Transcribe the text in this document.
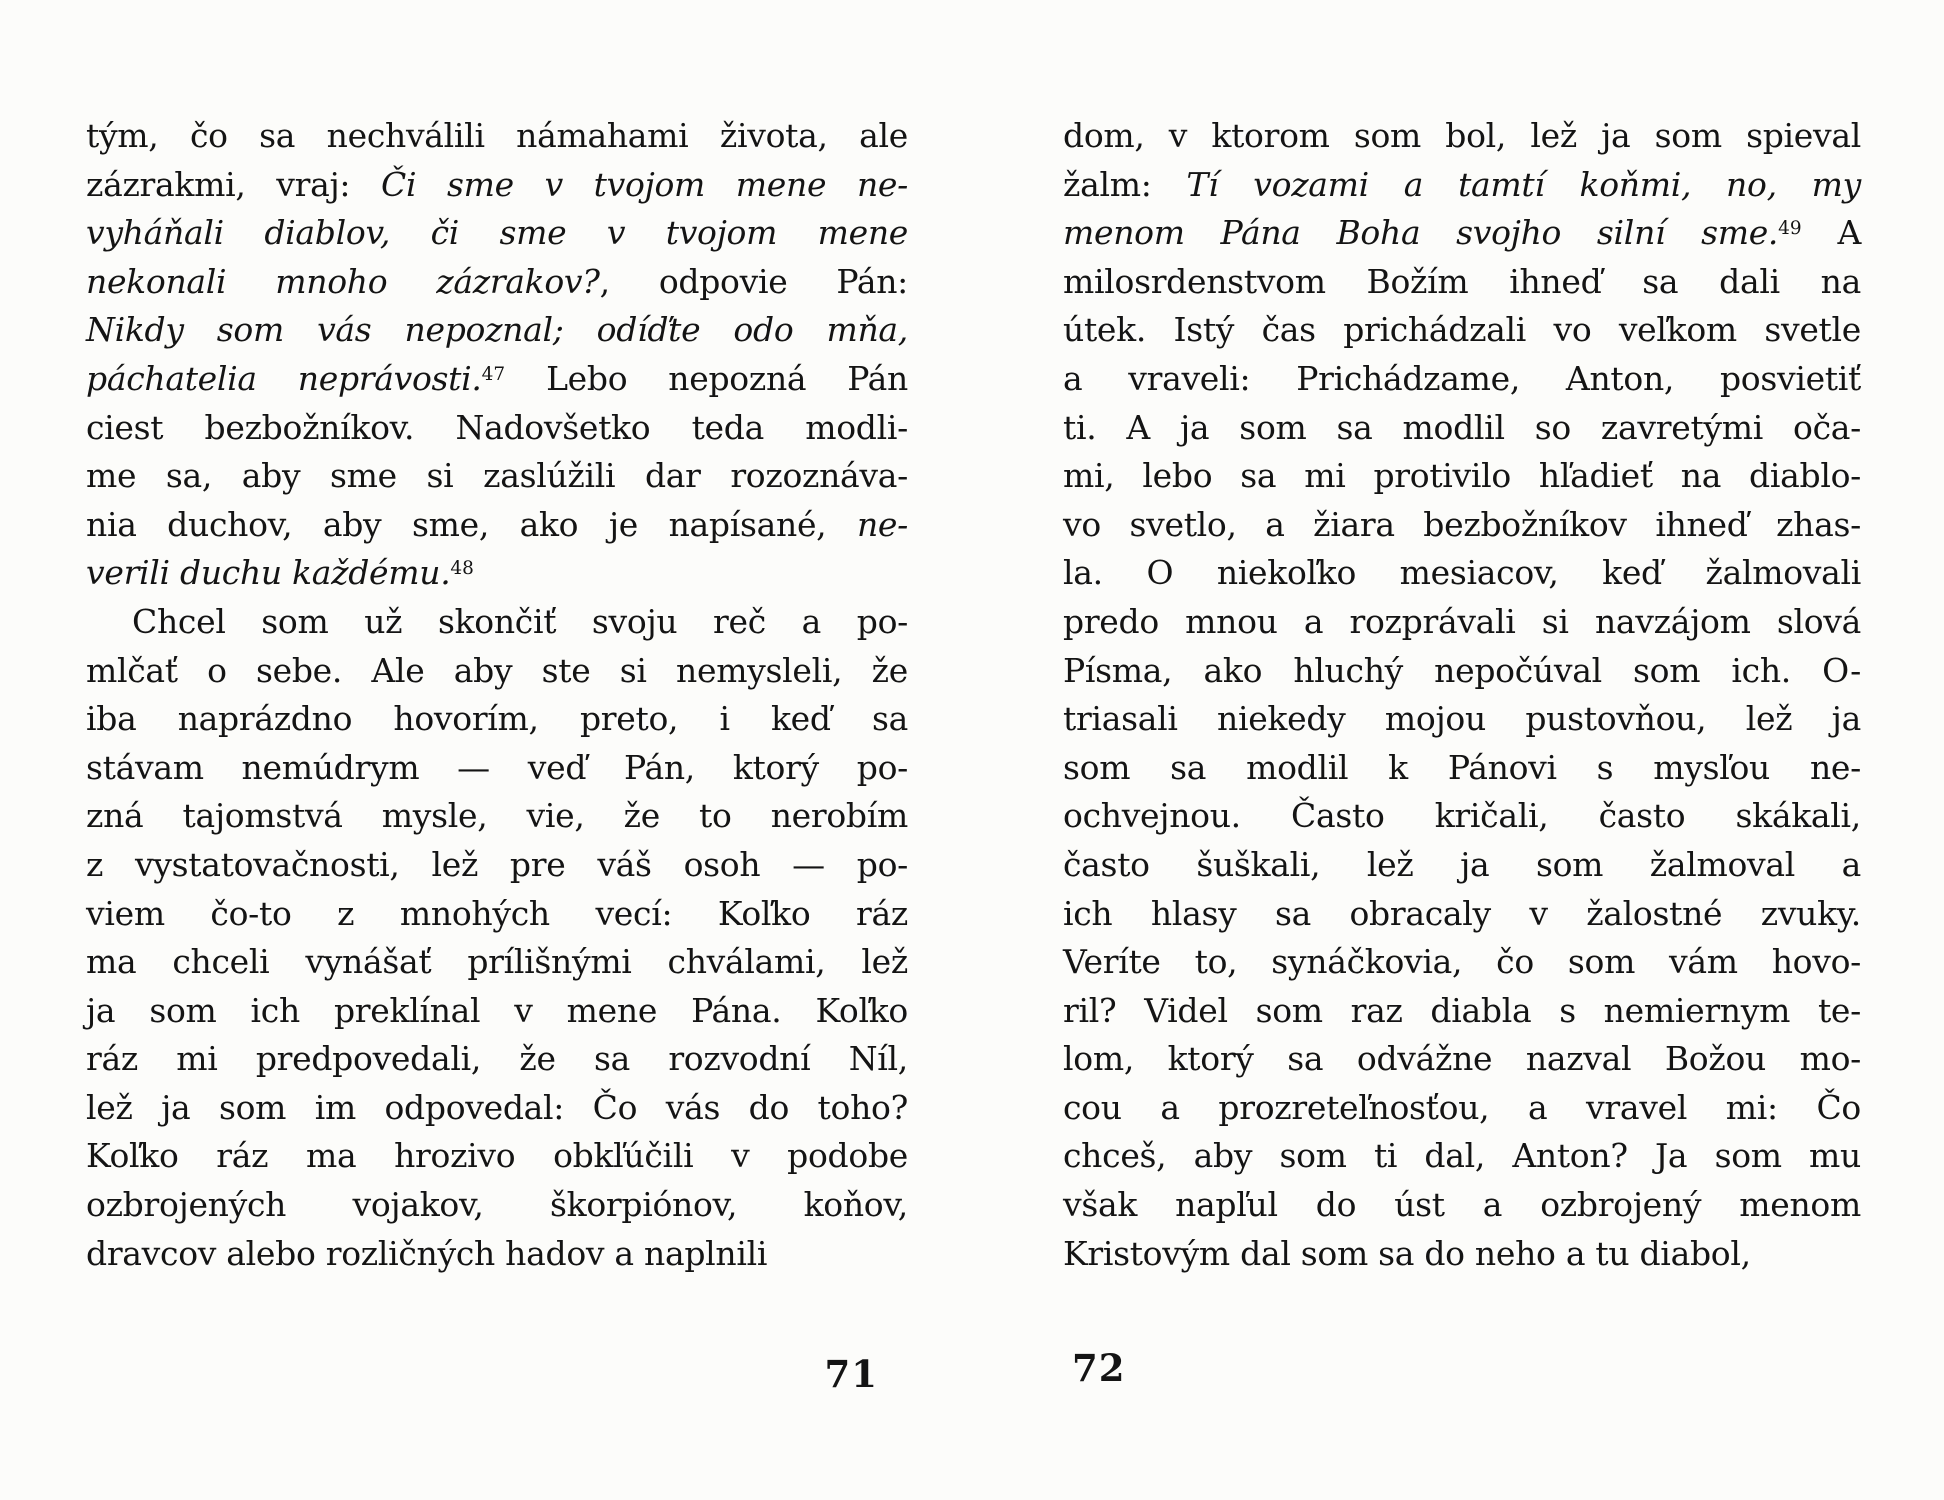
tým, čo sa nechválili námahami života, ale
zázrakmi, vraj: Či sme v tvojom mene ne-
vyháňali diablov, či sme v tvojom mene
nekonali mnoho zázrakov?, odpovie Pán:
Nikdy som vás nepoznal; odíďte odo mňa,
páchatelia neprávosti.$^{47}$ Lebo nepozná Pán
ciest bezbožníkov. Nadovšetko teda modli-
me sa, aby sme si zaslúžili dar rozoznáva-
nia duchov, aby sme, ako je napísané, ne-
verili duchu každému.$^{48}$
Chcel som už skončiť svoju reč a po-
mlčať o sebe. Ale aby ste si nemysleli, že
iba naprázdno hovorím, preto, i keď sa
stávam nemúdrym — veď Pán, ktorý po-
zná tajomstvá mysle, vie, že to nerobím
z vystatovačnosti, lež pre váš osoh — po-
viem čo-to z mnohých vecí: Koľko ráz
ma chceli vynášať prílišnými chválami, lež
ja som ich preklínal v mene Pána. Koľko
ráz mi predpovedali, že sa rozvodní Níl,
lež ja som im odpovedal: Čo vás do toho?
Koľko ráz ma hrozivo obkľúčili v podobe
ozbrojených vojakov, škorpiónov, koňov,
dravcov alebo rozličných hadov a naplnili
dom, v ktorom som bol, lež ja som spieval
žalm: Tí vozami a tamtí koňmi, no, my
menom Pána Boha svojho silní sme.$^{49}$ A
milosrdenstvom Božím ihneď sa dali na
útek. Istý čas prichádzali vo veľkom svetle
a vraveli: Prichádzame, Anton, posvietiť
ti. A ja som sa modlil so zavretými oča-
mi, lebo sa mi protivilo hľadieť na diablo-
vo svetlo, a žiara bezbožníkov ihneď zhas-
la. O niekoľko mesiacov, keď žalmovali
predo mnou a rozprávali si navzájom slová
Písma, ako hluchý nepočúval som ich. O-
triasali niekedy mojou pustovňou, lež ja
som sa modlil k Pánovi s mysľou ne-
ochvejnou. Často kričali, často skákali,
často šuškali, lež ja som žalmoval a
ich hlasy sa obracaly v žalostné zvuky.
Veríte to, synáčkovia, čo som vám hovo-
ril? Videl som raz diabla s nemiernym te-
lom, ktorý sa odvážne nazval Božou mo-
cou a prozreteľnosťou, a vravel mi: Čo
chceš, aby som ti dal, Anton? Ja som mu
však napľul do úst a ozbrojený menom
Kristovým dal som sa do neho a tu diabol,
71	72
